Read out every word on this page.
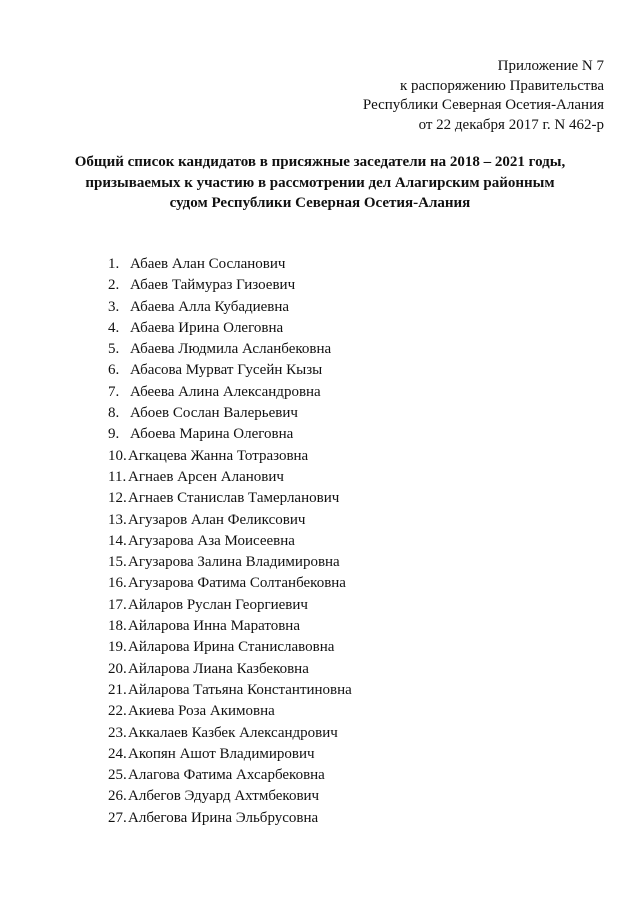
Приложение N 7
к распоряжению Правительства
Республики Северная Осетия-Алания
от 22 декабря 2017 г. N 462-р
Общий список кандидатов в присяжные заседатели на 2018 – 2021 годы,
призываемых к участию в рассмотрении дел Алагирским районным
судом Республики Северная Осетия-Алания
1. Абаев Алан Сосланович
2. Абаев Таймураз Гизоевич
3. Абаева Алла Кубадиевна
4. Абаева Ирина Олеговна
5. Абаева Людмила Асланбековна
6. Абасова Мурват Гусейн Кызы
7. Абеева Алина Александровна
8. Абоев Сослан Валерьевич
9. Абоева Марина Олеговна
10. Агкацева Жанна Тотразовна
11. Агнаев Арсен Аланович
12. Агнаев Станислав Тамерланович
13. Агузаров Алан Феликсович
14. Агузарова Аза Моисеевна
15. Агузарова Залина Владимировна
16. Агузарова Фатима Солтанбековна
17. Айларов Руслан Георгиевич
18. Айларова Инна Маратовна
19. Айларова Ирина Станиславовна
20. Айларова Лиана Казбековна
21. Айларова Татьяна Константиновна
22. Акиева Роза Акимовна
23. Аккалаев Казбек Александрович
24. Акопян Ашот Владимирович
25. Алагова Фатима Ахсарбековна
26. Албегов Эдуард Ахтмбекович
27. Албегова Ирина Эльбрусовна
